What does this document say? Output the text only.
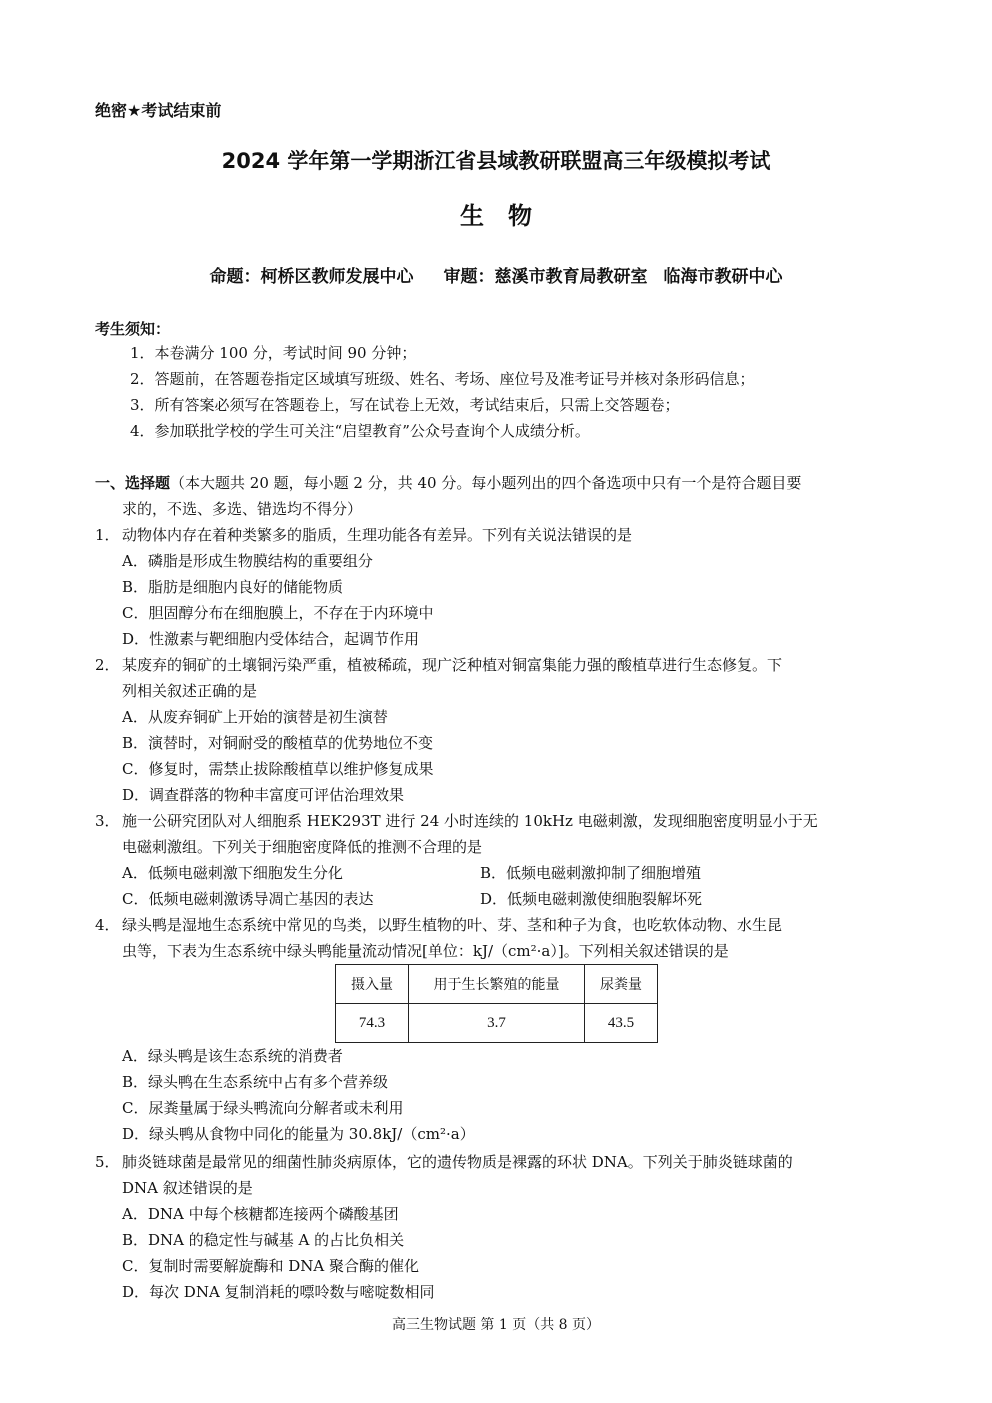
绝密★考试结束前
2024 学年第一学期浙江省县域教研联盟高三年级模拟考试
生物
命题：柯桥区教师发展中心 审题：慈溪市教育局教研室 临海市教研中心
考生须知：
1．本卷满分 100 分，考试时间 90 分钟；
2．答题前，在答题卷指定区域填写班级、姓名、考场、座位号及准考证号并核对条形码信息；
3．所有答案必须写在答题卷上，写在试卷上无效，考试结束后，只需上交答题卷；
4．参加联批学校的学生可关注“启望教育”公众号查询个人成绩分析。
一、选择题（本大题共 20 题，每小题 2 分，共 40 分。每小题列出的四个备选项中只有一个是符合题目要
求的，不选、多选、错选均不得分）
1． 动物体内存在着种类繁多的脂质，生理功能各有差异。下列有关说法错误的是
A．磷脂是形成生物膜结构的重要组分
B．脂肪是细胞内良好的储能物质
C．胆固醇分布在细胞膜上，不存在于内环境中
D．性激素与靶细胞内受体结合，起调节作用
2． 某废弃的铜矿的土壤铜污染严重，植被稀疏，现广泛种植对铜富集能力强的酸植草进行生态修复。下
列相关叙述正确的是
A．从废弃铜矿上开始的演替是初生演替
B．演替时，对铜耐受的酸植草的优势地位不变
C．修复时，需禁止拔除酸植草以维护修复成果
D．调查群落的物种丰富度可评估治理效果
3． 施一公研究团队对人细胞系 HEK293T 进行 24 小时连续的 10kHz 电磁刺激，发现细胞密度明显小于无
电磁刺激组。下列关于细胞密度降低的推测不合理的是
A．低频电磁刺激下细胞发生分化	B．低频电磁刺激抑制了细胞增殖
C．低频电磁刺激诱导凋亡基因的表达	D．低频电磁刺激使细胞裂解坏死
4． 绿头鸭是湿地生态系统中常见的鸟类，以野生植物的叶、芽、茎和种子为食，也吃软体动物、水生昆
虫等，下表为生态系统中绿头鸭能量流动情况[单位：kJ/（cm²·a）]。下列相关叙述错误的是
摄入量	用于生长繁殖的能量	尿粪量
74.3	3.7	43.5
A．绿头鸭是该生态系统的消费者
B．绿头鸭在生态系统中占有多个营养级
C．尿粪量属于绿头鸭流向分解者或未利用
D．绿头鸭从食物中同化的能量为 30.8kJ/（cm²·a）
5． 肺炎链球菌是最常见的细菌性肺炎病原体，它的遗传物质是裸露的环状 DNA。下列关于肺炎链球菌的
DNA 叙述错误的是
A．DNA 中每个核糖都连接两个磷酸基团
B．DNA 的稳定性与碱基 A 的占比负相关
C．复制时需要解旋酶和 DNA 聚合酶的催化
D．每次 DNA 复制消耗的嘌呤数与嘧啶数相同
高三生物试题 第 1 页（共 8 页）
